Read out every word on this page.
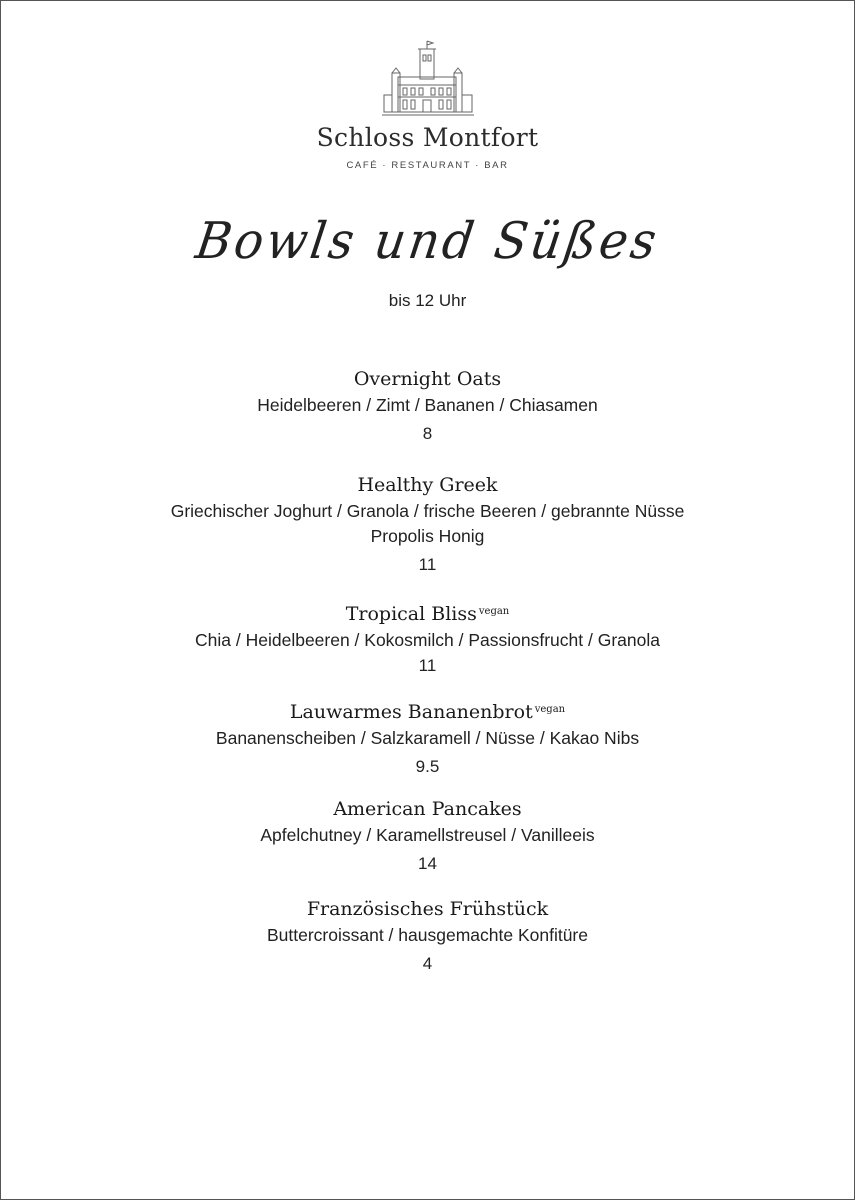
Schloss Montfort
CAFÉ · RESTAURANT · BAR
Bowls und Süßes
bis 12 Uhr
Overnight Oats
Heidelbeeren / Zimt / Bananen / Chiasamen
8
Healthy Greek
Griechischer Joghurt / Granola / frische Beeren / gebrannte Nüsse
Propolis Honig
11
Tropical Bliss $^{vegan}$
Chia / Heidelbeeren / Kokosmilch / Passionsfrucht / Granola
11
Lauwarmes Bananenbrot $^{vegan}$
Bananenscheiben / Salzkaramell / Nüsse / Kakao Nibs
9.5
American Pancakes
Apfelchutney / Karamellstreusel / Vanilleeis
14
Französisches Frühstück
Buttercroissant / hausgemachte Konfitüre
4
